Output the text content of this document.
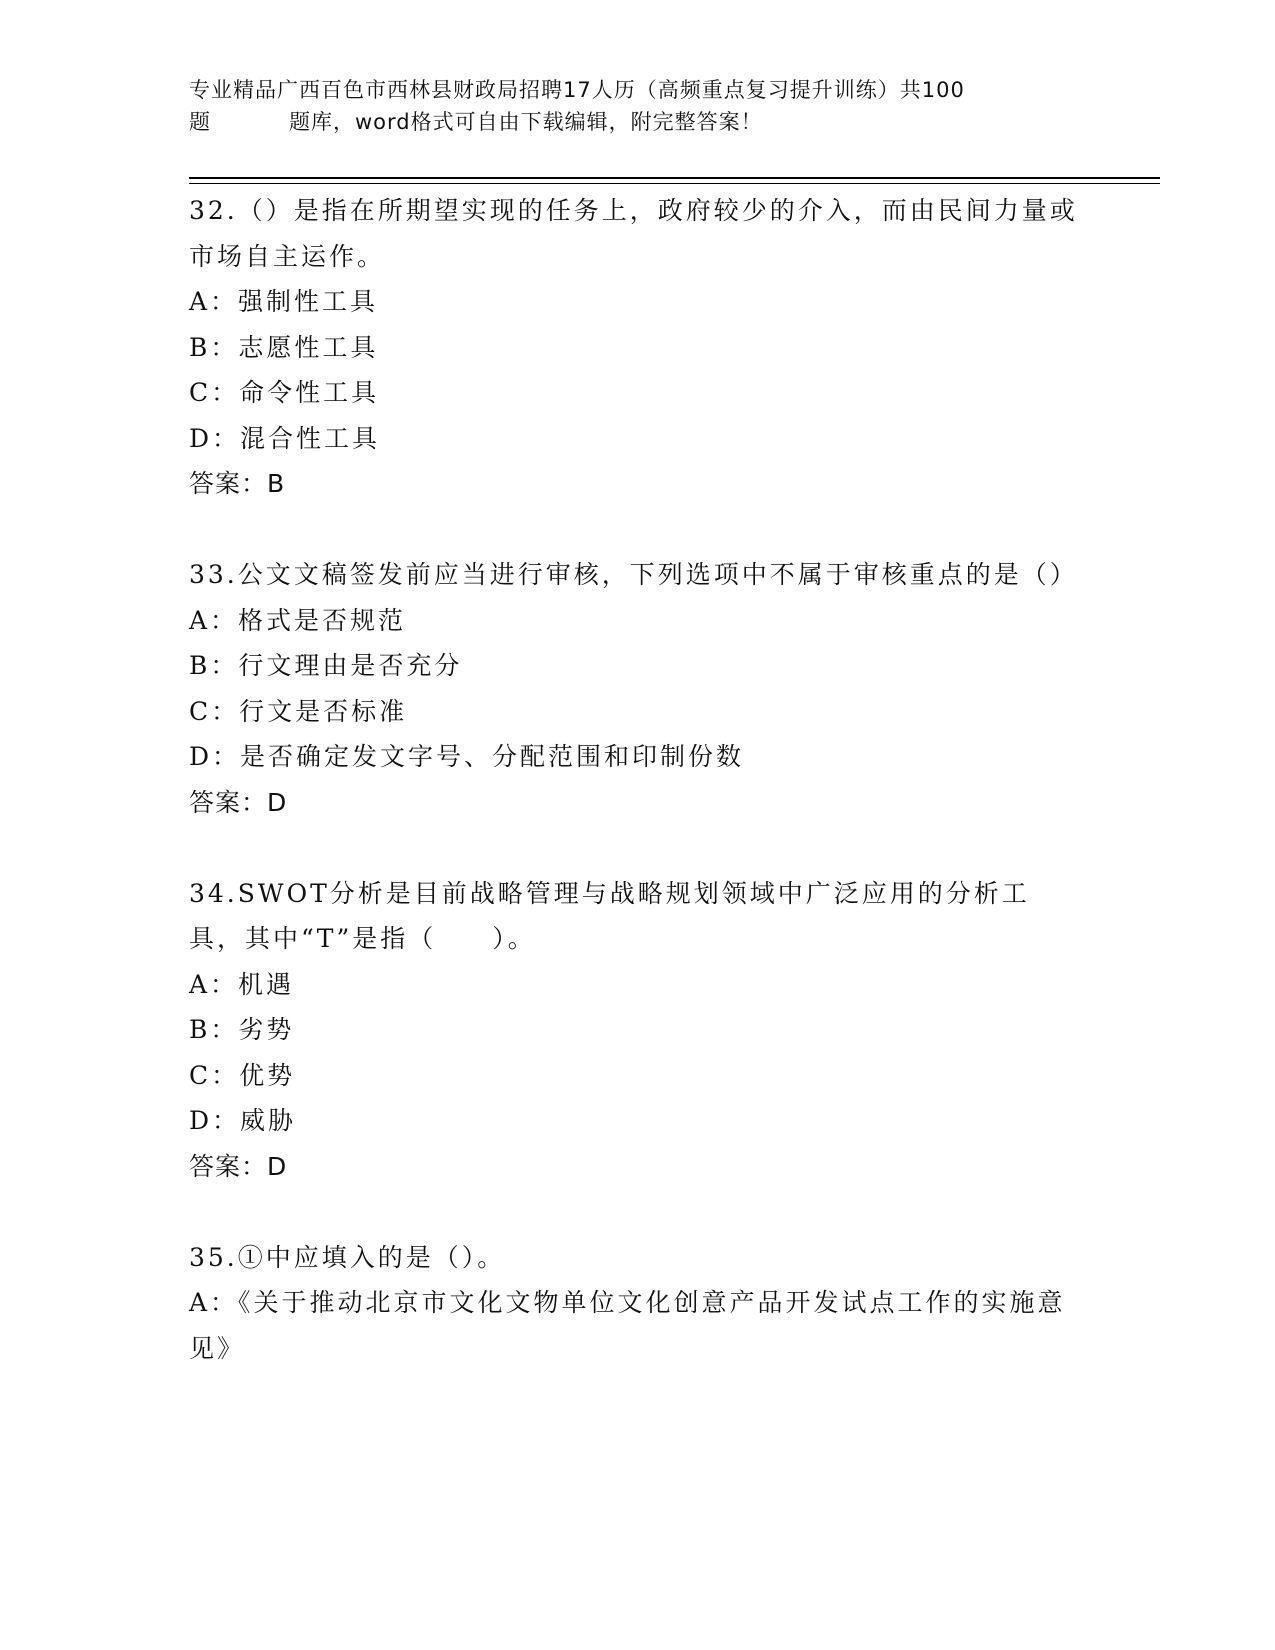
专业精品广西百色市西林县财政局招聘17人历（高频重点复习提升训练）共100
题	题库，word格式可自由下载编辑，附完整答案！

32.（）是指在所期望实现的任务上，政府较少的介入，而由民间力量或市场自主运作。

A：强制性工具

B：志愿性工具

C：命令性工具

D：混合性工具

答案：B

33.公文文稿签发前应当进行审核，下列选项中不属于审核重点的是（）

A：格式是否规范

B：行文理由是否充分

C：行文是否标准

D：是否确定发文字号、分配范围和印制份数

答案：D

34.SWOT分析是目前战略管理与战略规划领域中广泛应用的分析工具，其中“T”是指（　　）。

A：机遇

B：劣势

C：优势

D：威胁

答案：D

35.①中应填入的是（）。

A：《关于推动北京市文化文物单位文化创意产品开发试点工作的实施意见》
